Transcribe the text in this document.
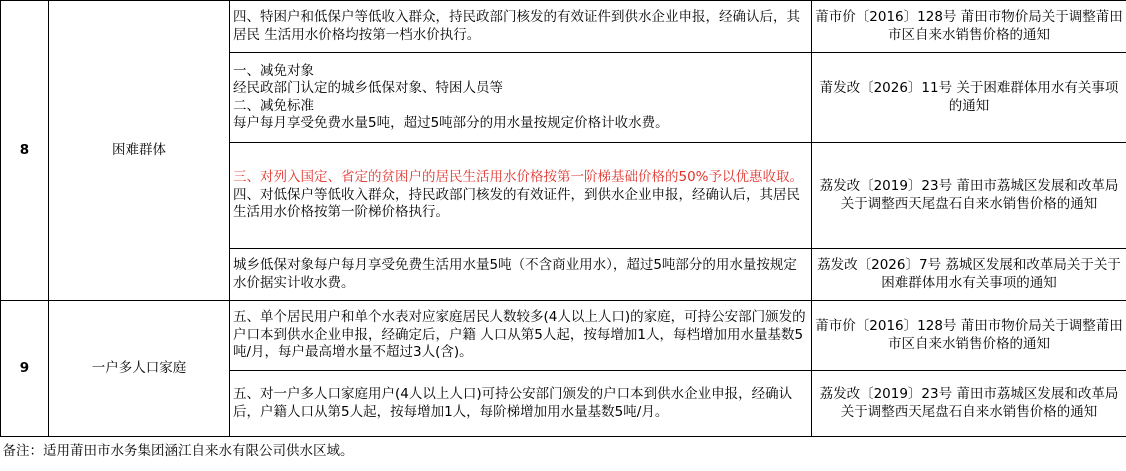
8	困难群体	四、特困户和低保户等低收入群众，持民政部门核发的有效证件到供水企业申报，经确认后，其居民 生活用水价格均按第一档水价执行。	莆市价〔2016〕128号 莆田市物价局关于调整莆田市区自来水销售价格的通知

		一、减免对象
经民政部门认定的城乡低保对象、特困人员等
二、减免标准
每户每月享受免费水量5吨，超过5吨部分的用水量按规定价格计收水费。	莆发改〔2026〕11号 关于困难群体用水有关事项的通知

		三、对列入国定、省定的贫困户的居民生活用水价格按第一阶梯基础价格的50%予以优惠收取。
四、对低保户等低收入群众，持民政部门核发的有效证件，到供水企业申报，经确认后，其居民生活用水价格按第一阶梯价格执行。	荔发改〔2019〕23号 莆田市荔城区发展和改革局关于调整西天尾盘石自来水销售价格的通知

		城乡低保对象每户每月享受免费生活用水量5吨（不含商业用水），超过5吨部分的用水量按规定水价据实计收水费。	荔发改〔2026〕7号 荔城区发展和改革局关于关于困难群体用水有关事项的通知
9	一户多人口家庭	五、单个居民用户和单个水表对应家庭居民人数较多(4人以上人口)的家庭，可持公安部门颁发的户口本到供水企业申报，经确定后，户籍 人口从第5人起，按每增加1人，每档增加用水量基数5吨/月，每户最高增水量不超过3人(含)。	莆市价〔2016〕128号 莆田市物价局关于调整莆田市区自来水销售价格的通知

		五、对一户多人口家庭用户(4人以上人口)可持公安部门颁发的户口本到供水企业申报，经确认后，户籍人口从第5人起，按每增加1人，每阶梯增加用水量基数5吨/月。	荔发改〔2019〕23号 莆田市荔城区发展和改革局关于调整西天尾盘石自来水销售价格的通知
备注：适用莆田市水务集团涵江自来水有限公司供水区域。			
